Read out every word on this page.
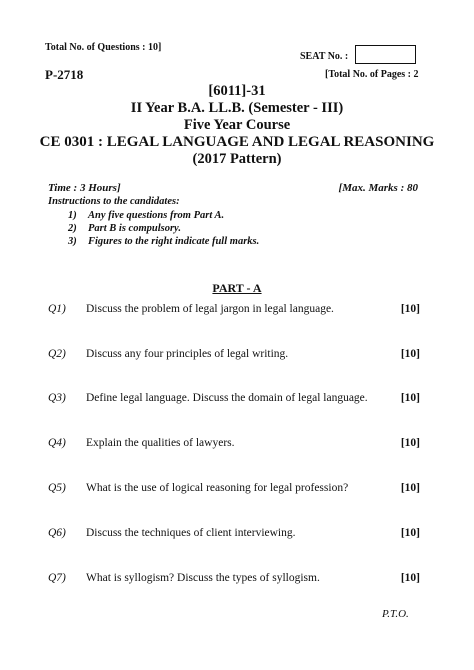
Total No. of Questions : 10]
SEAT No. :
P-2718	[Total No. of Pages : 2
[6011]-31
II Year B.A. LL.B. (Semester - III)
Five Year Course
CE 0301 : LEGAL LANGUAGE AND LEGAL REASONING
(2017 Pattern)
Time : 3 Hours]	[Max. Marks : 80
Instructions to the candidates:
1) Any five questions from Part A.
2) Part B is compulsory.
3) Figures to the right indicate full marks.
PART - A
Q1) Discuss the problem of legal jargon in legal language.	[10]
Q2) Discuss any four principles of legal writing.	[10]
Q3) Define legal language. Discuss the domain of legal language.	[10]
Q4) Explain the qualities of lawyers.	[10]
Q5) What is the use of logical reasoning for legal profession?	[10]
Q6) Discuss the techniques of client interviewing.	[10]
Q7) What is syllogism? Discuss the types of syllogism.	[10]
P.T.O.
